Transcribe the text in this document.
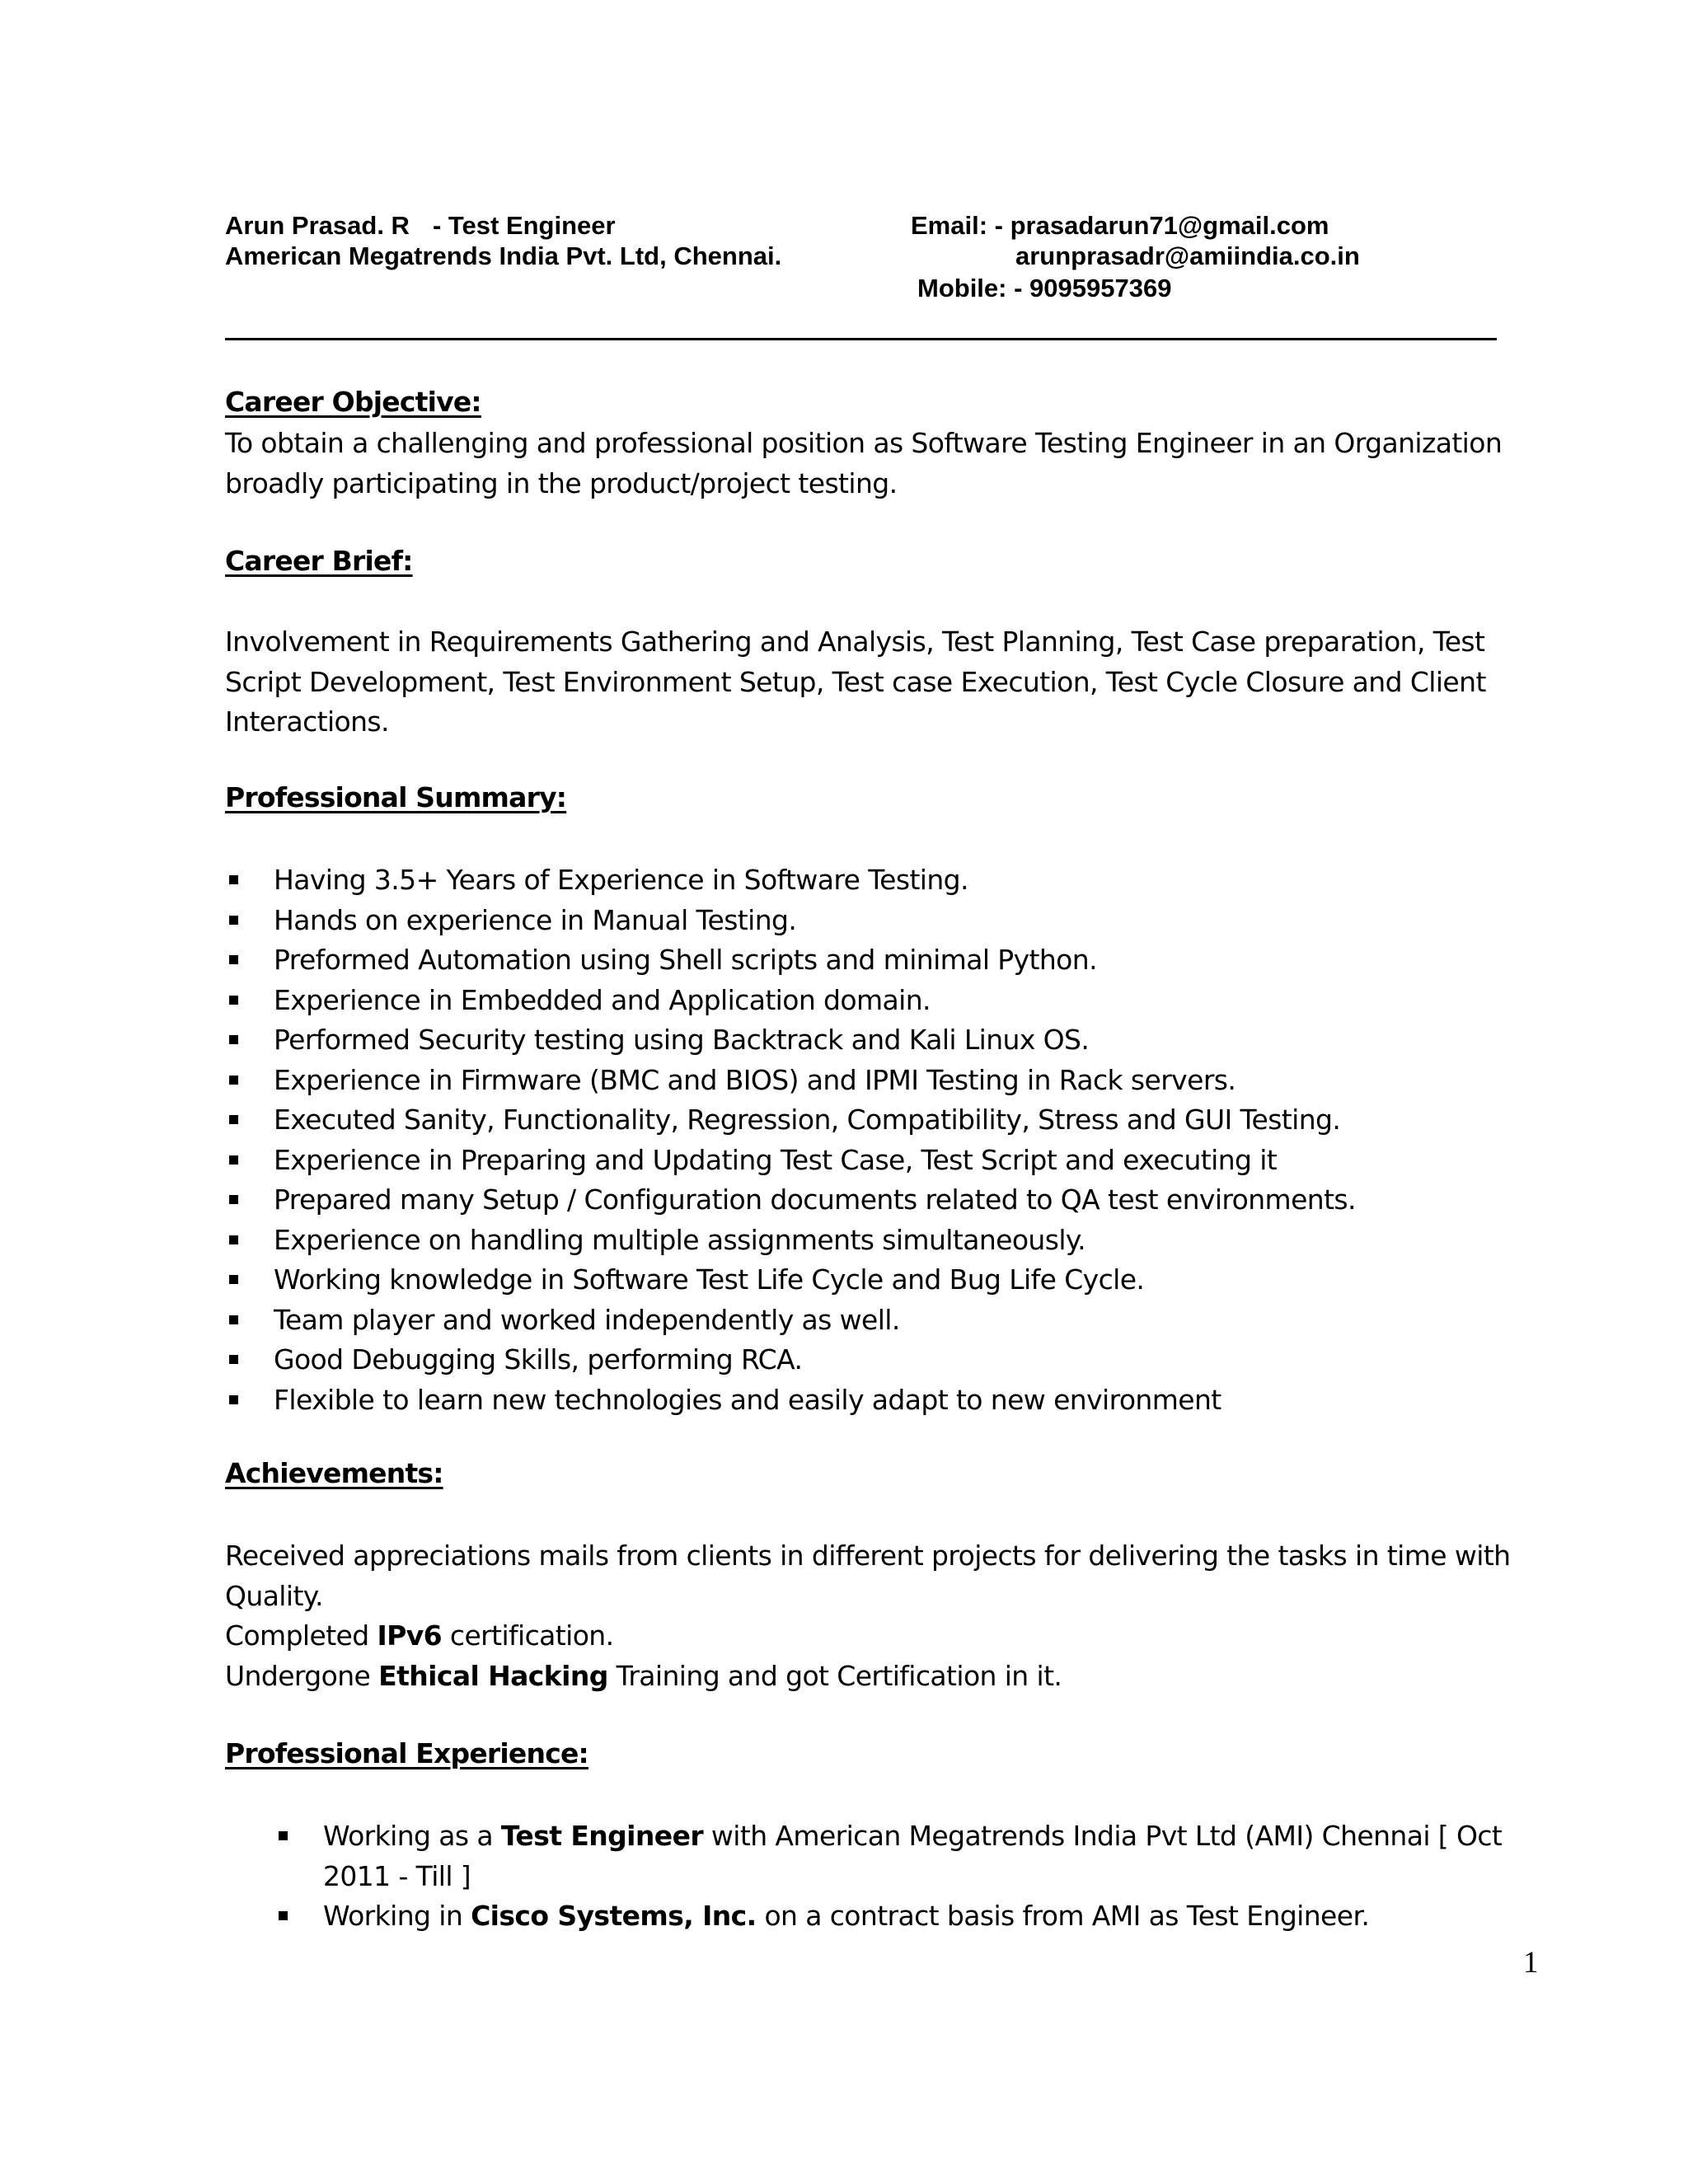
Arun Prasad. R - Test Engineer
American Megatrends India Pvt. Ltd, Chennai.
Email: - prasadarun71@gmail.com
arunprasadr@amiindia.co.in
Mobile: - 9095957369
Career Objective:

To obtain a challenging and professional position as Software Testing Engineer in an Organization

broadly participating in the product/project testing.

Career Brief:

Involvement in Requirements Gathering and Analysis, Test Planning, Test Case preparation, Test

Script Development, Test Environment Setup, Test case Execution, Test Cycle Closure and Client

Interactions.

Professional Summary:
Having 3.5+ Years of Experience in Software Testing.
Hands on experience in Manual Testing.
Preformed Automation using Shell scripts and minimal Python.
Experience in Embedded and Application domain.
Performed Security testing using Backtrack and Kali Linux OS.
Experience in Firmware (BMC and BIOS) and IPMI Testing in Rack servers.
Executed Sanity, Functionality, Regression, Compatibility, Stress and GUI Testing.
Experience in Preparing and Updating Test Case, Test Script and executing it
Prepared many Setup / Configuration documents related to QA test environments.
Experience on handling multiple assignments simultaneously.
Working knowledge in Software Test Life Cycle and Bug Life Cycle.
Team player and worked independently as well.
Good Debugging Skills, performing RCA.
Flexible to learn new technologies and easily adapt to new environment
Achievements:

Received appreciations mails from clients in different projects for delivering the tasks in time with

Quality.

Completed IPv6 certification.

Undergone Ethical Hacking Training and got Certification in it.

Professional Experience:
Working as a Test Engineer with American Megatrends India Pvt Ltd (AMI) Chennai [ Oct 2011 - Till ]
Working in Cisco Systems, Inc. on a contract basis from AMI as Test Engineer.
1
